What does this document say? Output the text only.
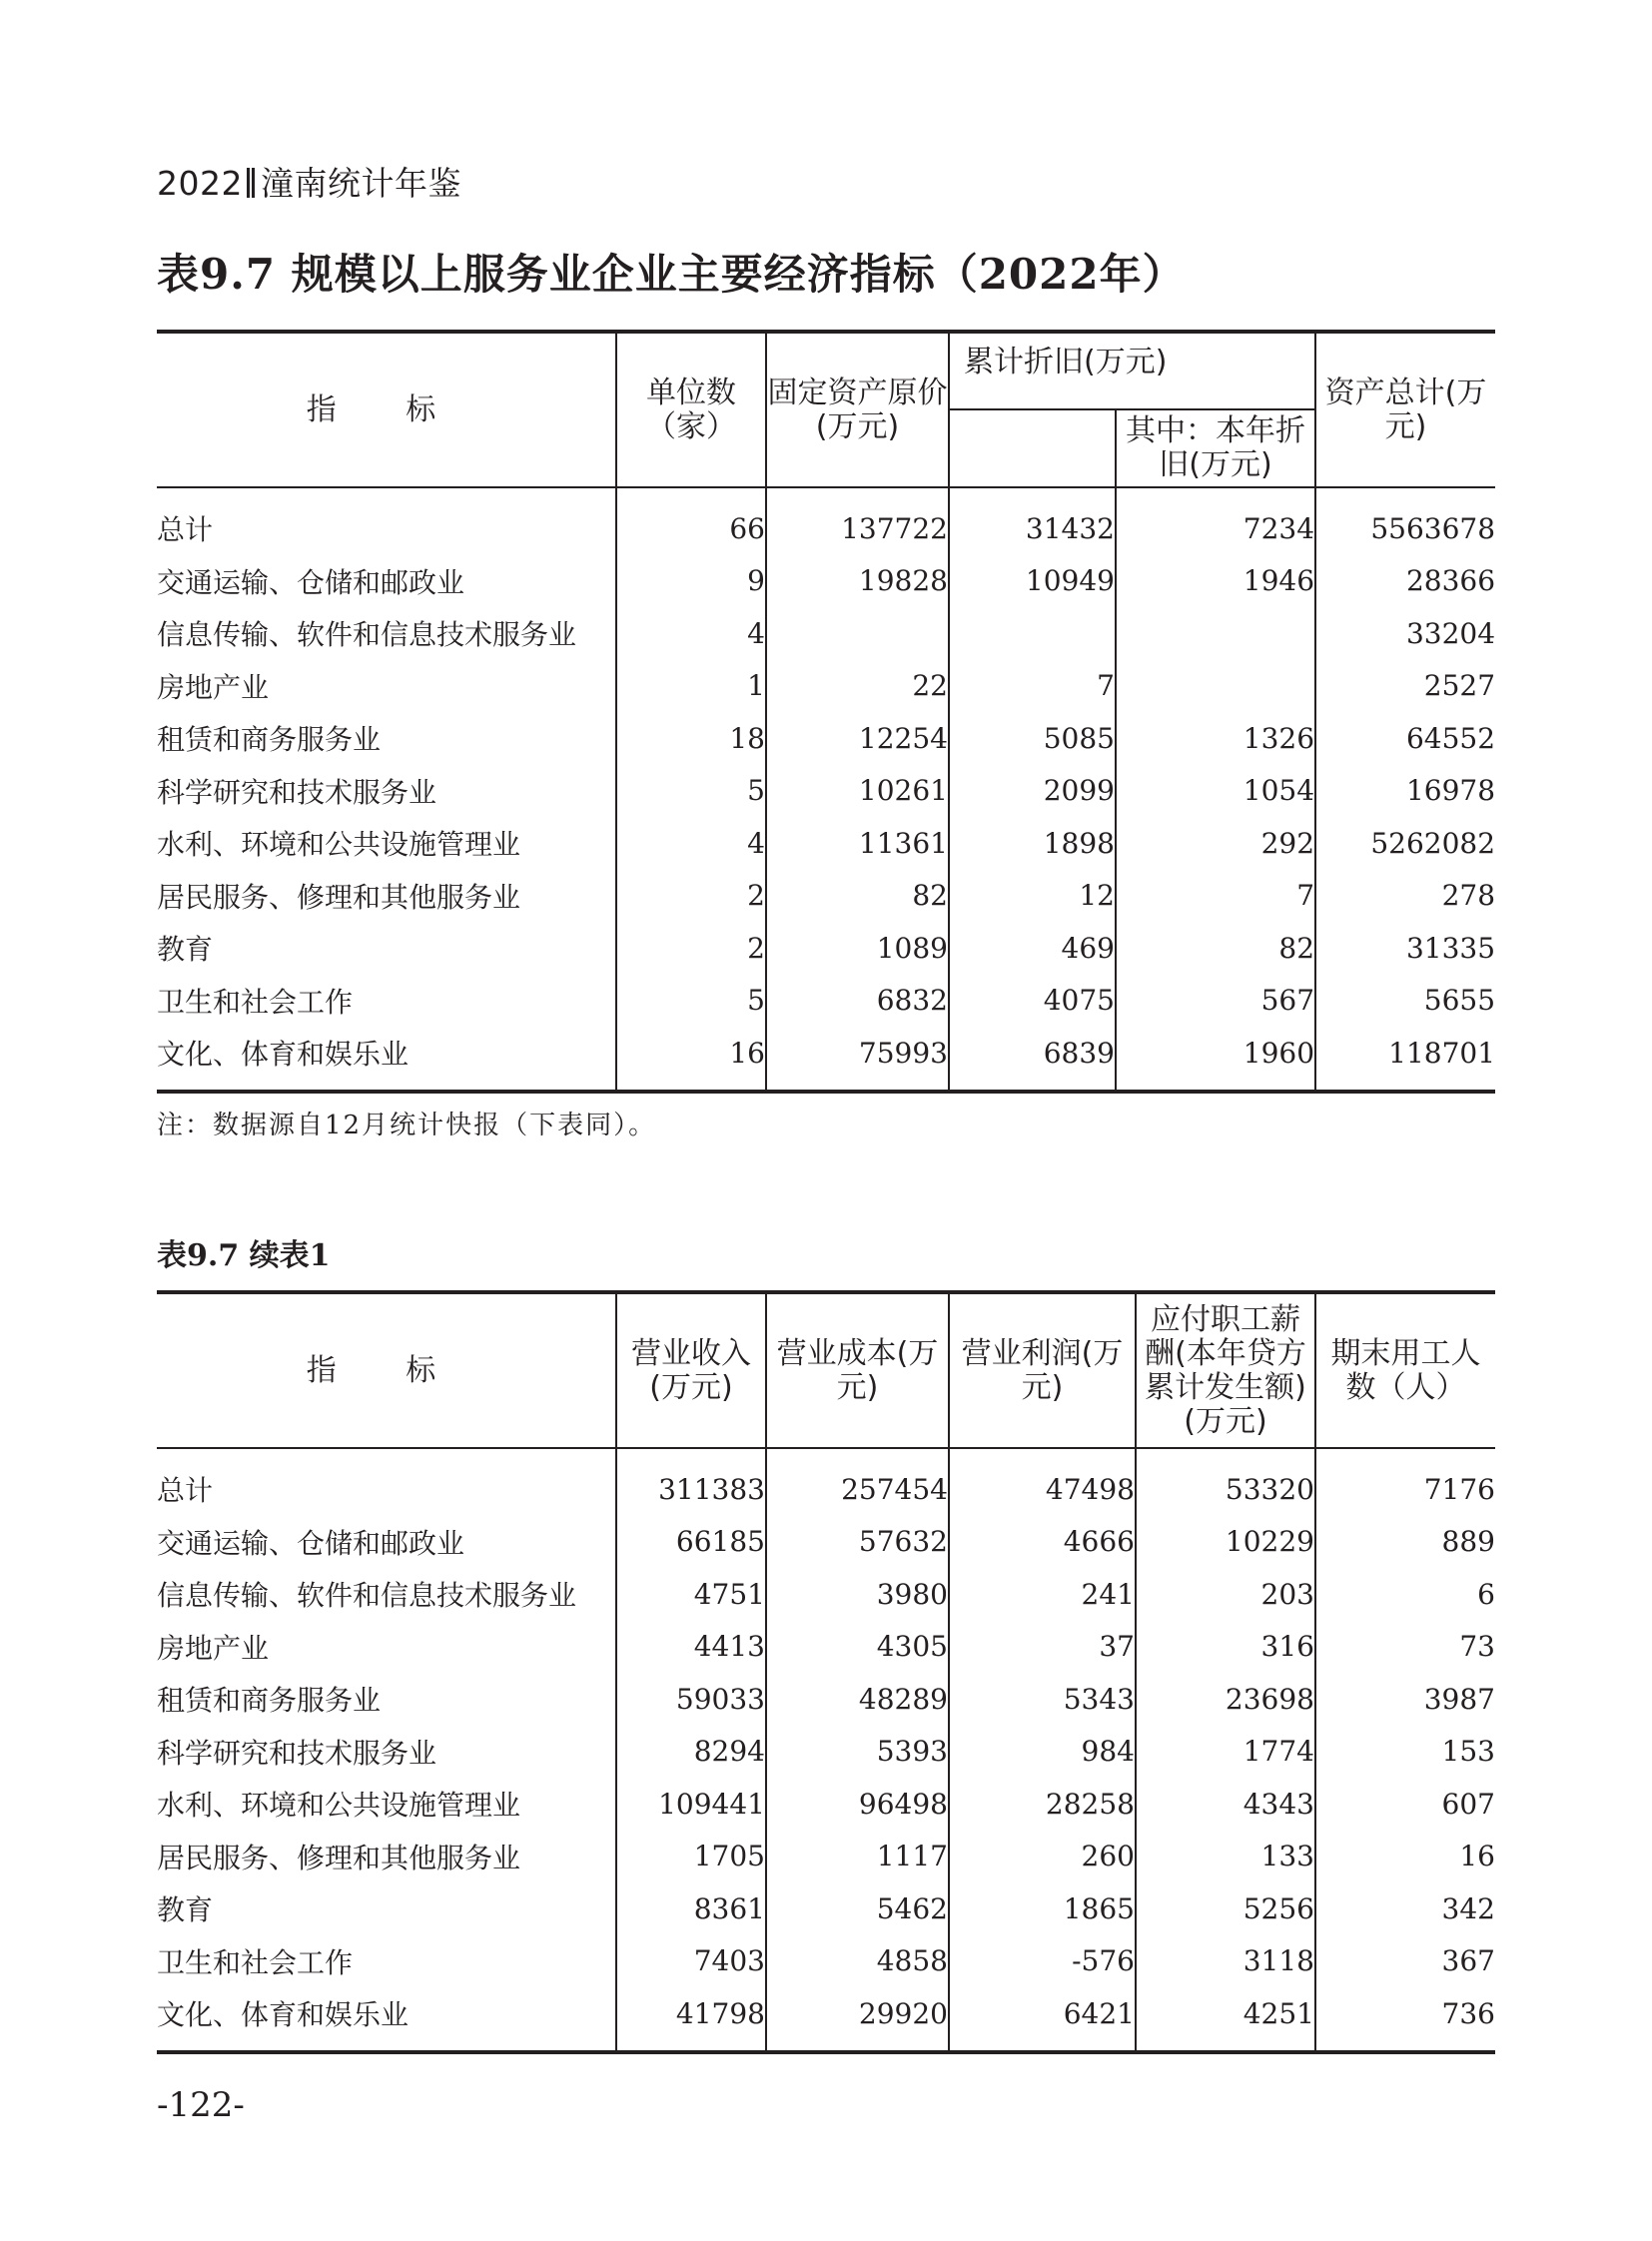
2022 潼南统计年鉴
表9.7 规模以上服务业企业主要经济指标（2022年）
指 标	单位数（家）	固定资产原价(万元)	累计折旧(万元)		资产总计(万元)
				其中：本年折旧(万元)	
总计	66	137722	31432	7234	5563678
交通运输、仓储和邮政业	9	19828	10949	1946	28366
信息传输、软件和信息技术服务业	4				33204
房地产业	1	22	7		2527
租赁和商务服务业	18	12254	5085	1326	64552
科学研究和技术服务业	5	10261	2099	1054	16978
水利、环境和公共设施管理业	4	11361	1898	292	5262082
居民服务、修理和其他服务业	2	82	12	7	278
教育	2	1089	469	82	31335
卫生和社会工作	5	6832	4075	567	5655
文化、体育和娱乐业	16	75993	6839	1960	118701
注：数据源自12月统计快报（下表同）。
表9.7 续表1
指 标	营业收入(万元)	营业成本(万元)	营业利润(万元)	应付职工薪酬(本年贷方累计发生额)(万元)	期末用工人数（人）
总计	311383	257454	47498	53320	7176
交通运输、仓储和邮政业	66185	57632	4666	10229	889
信息传输、软件和信息技术服务业	4751	3980	241	203	6
房地产业	4413	4305	37	316	73
租赁和商务服务业	59033	48289	5343	23698	3987
科学研究和技术服务业	8294	5393	984	1774	153
水利、环境和公共设施管理业	109441	96498	28258	4343	607
居民服务、修理和其他服务业	1705	1117	260	133	16
教育	8361	5462	1865	5256	342
卫生和社会工作	7403	4858	-576	3118	367
文化、体育和娱乐业	41798	29920	6421	4251	736
-122-
